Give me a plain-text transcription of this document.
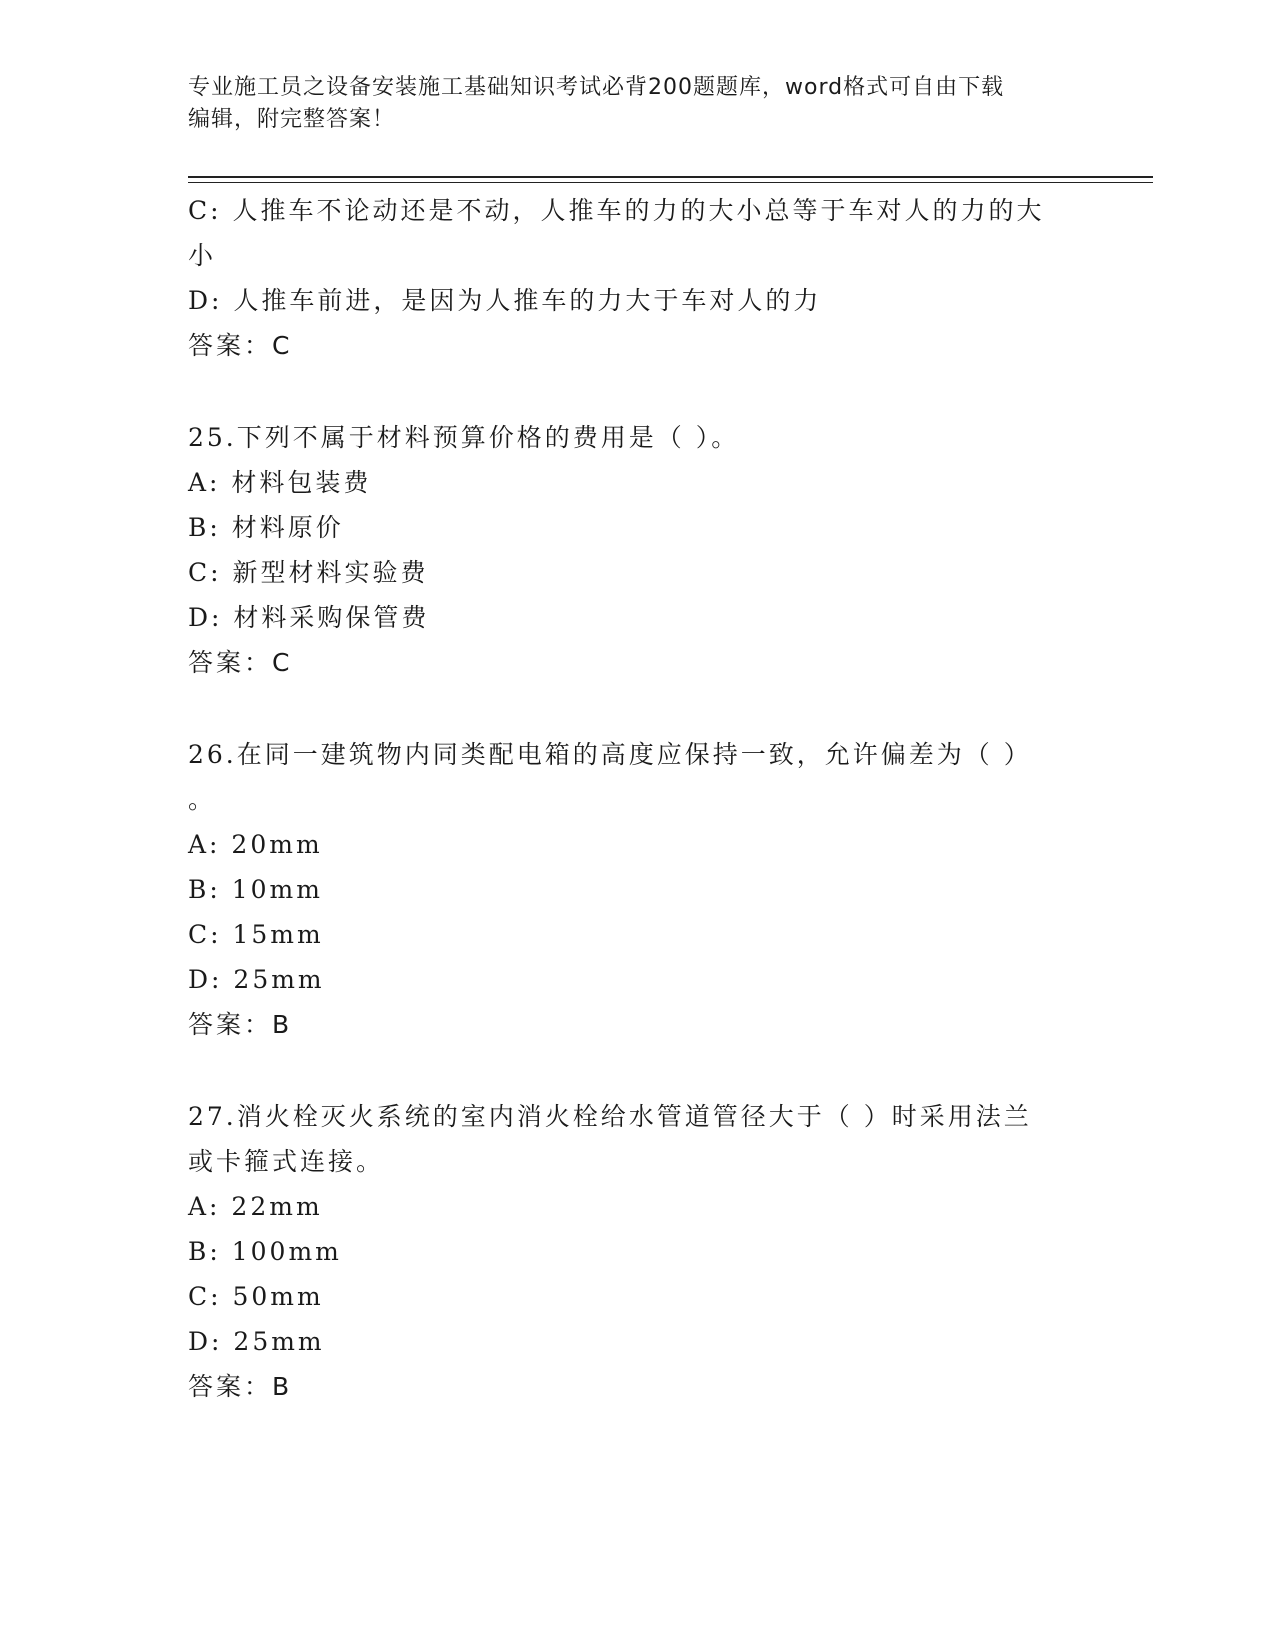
专业施工员之设备安装施工基础知识考试必背200题题库，word格式可自由下载
编辑，附完整答案！
C: 人推车不论动还是不动，人推车的力的大小总等于车对人的力的大
小
D: 人推车前进，是因为人推车的力大于车对人的力
答案：C
25.下列不属于材料预算价格的费用是（ ）。
A: 材料包装费
B: 材料原价
C: 新型材料实验费
D: 材料采购保管费
答案：C
26.在同一建筑物内同类配电箱的高度应保持一致，允许偏差为（ ）
。
A: 20mm
B: 10mm
C: 15mm
D: 25mm
答案：B
27.消火栓灭火系统的室内消火栓给水管道管径大于（ ）时采用法兰
或卡箍式连接。
A: 22mm
B: 100mm
C: 50mm
D: 25mm
答案：B
